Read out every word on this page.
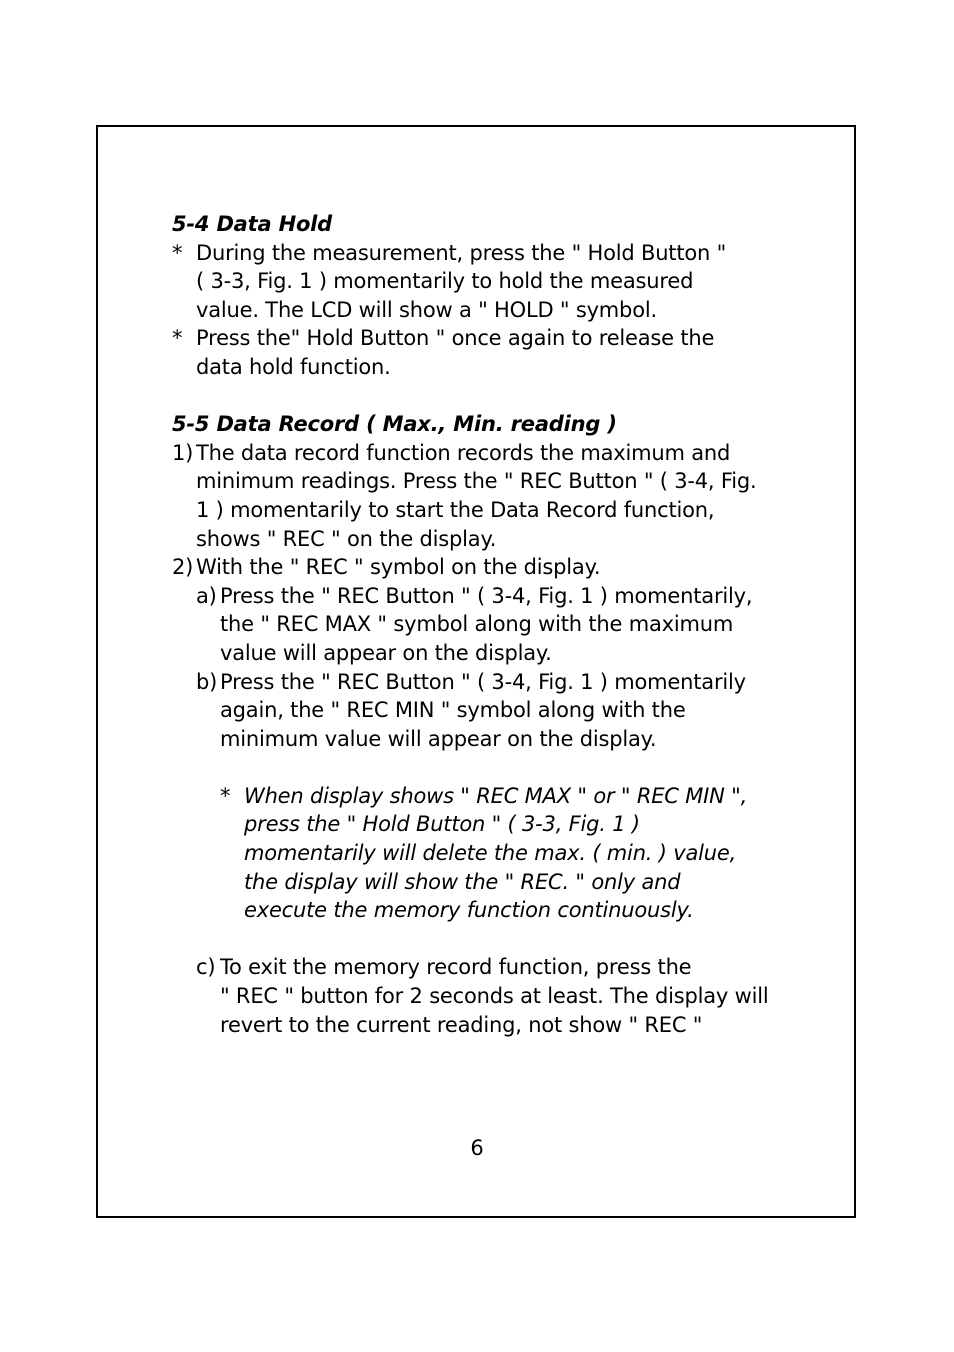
5-4 Data Hold
* During the measurement, press the " Hold Button "
( 3-3, Fig. 1 ) momentarily to hold the measured
value. The LCD will show a " HOLD " symbol.
* Press the" Hold Button " once again to release the
data hold function.
5-5 Data Record ( Max., Min. reading )
1) The data record function records the maximum and
minimum readings. Press the " REC Button " ( 3-4, Fig.
1 ) momentarily to start the Data Record function,
shows " REC " on the display.
2) With the " REC " symbol on the display.
a) Press the " REC Button " ( 3-4, Fig. 1 ) momentarily,
the " REC MAX " symbol along with the maximum
value will appear on the display.
b) Press the " REC Button " ( 3-4, Fig. 1 ) momentarily
again, the " REC MIN " symbol along with the
minimum value will appear on the display.
* When display shows " REC MAX " or " REC MIN ",
press the " Hold Button " ( 3-3, Fig. 1 )
momentarily will delete the max. ( min. ) value,
the display will show the " REC. " only and
execute the memory function continuously.
c) To exit the memory record function, press the
" REC " button for 2 seconds at least. The display will
revert to the current reading, not show " REC "
6
